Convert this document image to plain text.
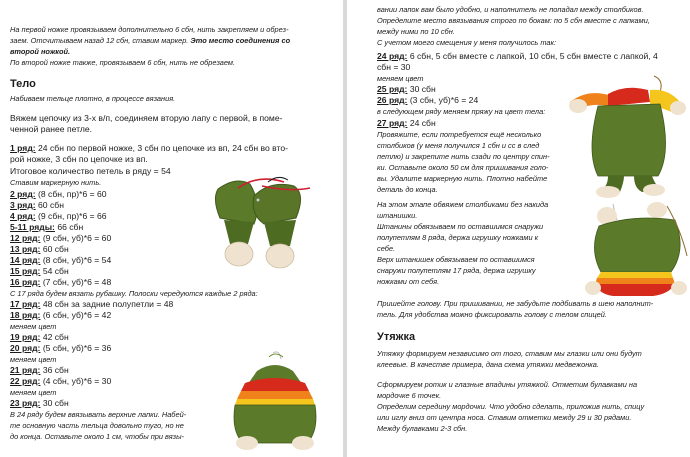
На первой ножке провязываем дополнительно 6 сбн, нить закрепляем и обрез-
заем. Отсчитываем назад 12 сбн, ставим маркер. Это место соединения со
второй ножкой.
По второй ножке также, провязываем 6 сбн, нить не обрезаем.
Тело
Набиваем тельце плотно, в процессе вязания.
Вяжем цепочку из 3-х в/п, соединяем вторую лапу с первой, в поме-
ченной ранее петле.
1 ряд: 24 сбн по первой ножке, 3 сбн по цепочке из вп, 24 сбн во вто-
рой ножке, 3 сбн по цепочке из вп.
Итоговое количество петель в ряду = 54
Ставим маркерную нить.
2 ряд: (8 сбн, пр)*6 = 60
3 ряд: 60 сбн
4 ряд: (9 сбн, пр)*6 = 66
5-11 ряды: 66 сбн
12 ряд: (9 сбн, уб)*6 = 60
13 ряд: 60 сбн
14 ряд: (8 сбн, уб)*6 = 54
15 ряд: 54 сбн
16 ряд: (7 сбн, уб)*6 = 48
С 17 ряда будем вязать рубашку. Полоски чередуются каждые 2 ряда:
17 ряд: 48 сбн за задние полупетли = 48
18 ряд: (6 сбн, уб)*6 = 42
меняем цвет
19 ряд: 42 сбн
20 ряд: (5 сбн, уб)*6 = 36
меняем цвет
21 ряд: 36 сбн
22 ряд: (4 сбн, уб)*6 = 30
меняем цвет
23 ряд: 30 сбн
В 24 ряду будем ввязывать верхние лапки. Набей-
те основную часть тельца довольно туго, но не
до конца. Оставьте около 1 см, чтобы при вязы-
вании лапок вам было удобно, и наполнитель не попадал между столбиков.
Определите место ввязывания строго по бокам: по 5 сбн вместе с лапками,
между ними по 10 сбн.
С учетом моего смещения у меня получилось так:
24 ряд: 6 сбн, 5 сбн вместе с лапкой, 10 сбн, 5 сбн вместе с лапкой, 4
сбн = 30
меняем цвет
25 ряд: 30 сбн
26 ряд: (3 сбн, уб)*6 = 24
в следующем ряду меняем пряжу на цвет тела:
27 ряд: 24 сбн
Провяжите, если потребуется ещё несколько
столбиков (у меня получился 1 сбн и сс в след
петлю) и закрепите нить сзади по центру спин-
ки. Оставьте около 50 см для пришивания голо-
вы. Удалите маркерную нить. Плотно набейте
деталь до конца.
На этом этапе обвяжем столбиками без накида
штанишки.
Штанины обвязываем по оставшимся снаружи
полупетлям 8 ряда, держа игрушку ножками к
себе.
Верх штанишек обвязываем по оставшимся
снаружи полупетлям 17 ряда, держа игрушку
ножками от себя.
Пришейте голову. При пришивании, не забудьте подбивать в шею наполнит-
тель. Для удобства можно фиксировать голову с телом спицей.
Утяжка
Утяжку формируем независимо от того, ставим мы глазки или они будут
клеевые. В качестве примера, дана схема утяжки медвежонка.
Сформируем ротик и глазные впадины утяжкой. Отметим булавками на
мордочке 6 точек.
Определим середину мордочки. Что удобно сделать, приложив нить, спицу
или иглу вниз от центра носа. Ставим отметки между 29 и 30 рядами.
Между булавками 2-3 сбн.
